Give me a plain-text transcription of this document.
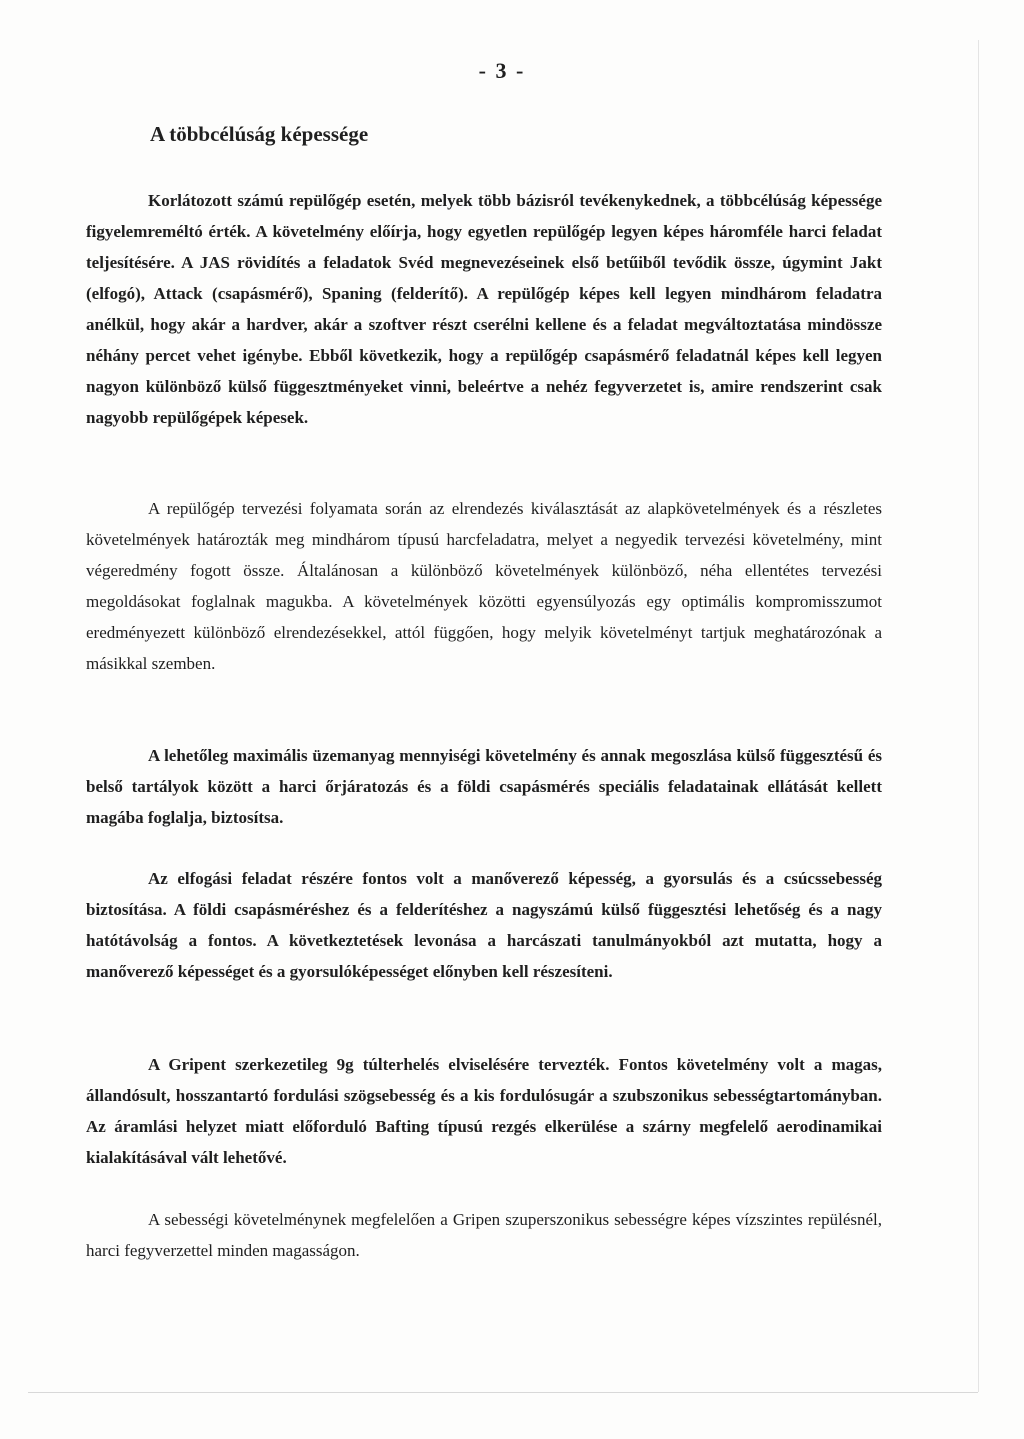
- 3 -
A többcélúság képessége

Korlátozott számú repülőgép esetén, melyek több bázisról tevékenykednek, a többcélúság képessége figyelemreméltó érték. A követelmény előírja, hogy egyetlen repülőgép legyen képes háromféle harci feladat teljesítésére. A JAS rövidítés a feladatok Svéd megnevezéseinek első betűiből tevődik össze, úgymint Jakt (elfogó), Attack (csapásmérő), Spaning (felderítő). A repülőgép képes kell legyen mindhárom feladatra anélkül, hogy akár a hardver, akár a szoftver részt cserélni kellene és a feladat megváltoztatása mindössze néhány percet vehet igénybe. Ebből következik, hogy a repülőgép csapásmérő feladatnál képes kell legyen nagyon különböző külső függesztményeket vinni, beleértve a nehéz fegyverzetet is, amire rendszerint csak nagyobb repülőgépek képesek.

A repülőgép tervezési folyamata során az elrendezés kiválasztását az alapkövetelmények és a részletes követelmények határozták meg mindhárom típusú harcfeladatra, melyet a negyedik tervezési követelmény, mint végeredmény fogott össze. Általánosan a különböző követelmények különböző, néha ellentétes tervezési megoldásokat foglalnak magukba. A követelmények közötti egyensúlyozás egy optimális kompromisszumot eredményezett különböző elrendezésekkel, attól függően, hogy melyik követelményt tartjuk meghatározónak a másikkal szemben.

A lehetőleg maximális üzemanyag mennyiségi követelmény és annak megoszlása külső függesztésű és belső tartályok között a harci őrjáratozás és a földi csapásmérés speciális feladatainak ellátását kellett magába foglalja, biztosítsa.

Az elfogási feladat részére fontos volt a manőverező képesség, a gyorsulás és a csúcssebesség biztosítása. A földi csapásméréshez és a felderítéshez a nagyszámú külső függesztési lehetőség és a nagy hatótávolság a fontos. A következtetések levonása a harcászati tanulmányokból azt mutatta, hogy a manőverező képességet és a gyorsulóképességet előnyben kell részesíteni.

A Gripent szerkezetileg 9g túlterhelés elviselésére tervezték. Fontos követelmény volt a magas, állandósult, hosszantartó fordulási szögsebesség és a kis fordulósugár a szubszonikus sebességtartományban. Az áramlási helyzet miatt előforduló Bafting típusú rezgés elkerülése a szárny megfelelő aerodinamikai kialakításával vált lehetővé.

A sebességi követelménynek megfelelően a Gripen szuperszonikus sebességre képes vízszintes repülésnél, harci fegyverzettel minden magasságon.
